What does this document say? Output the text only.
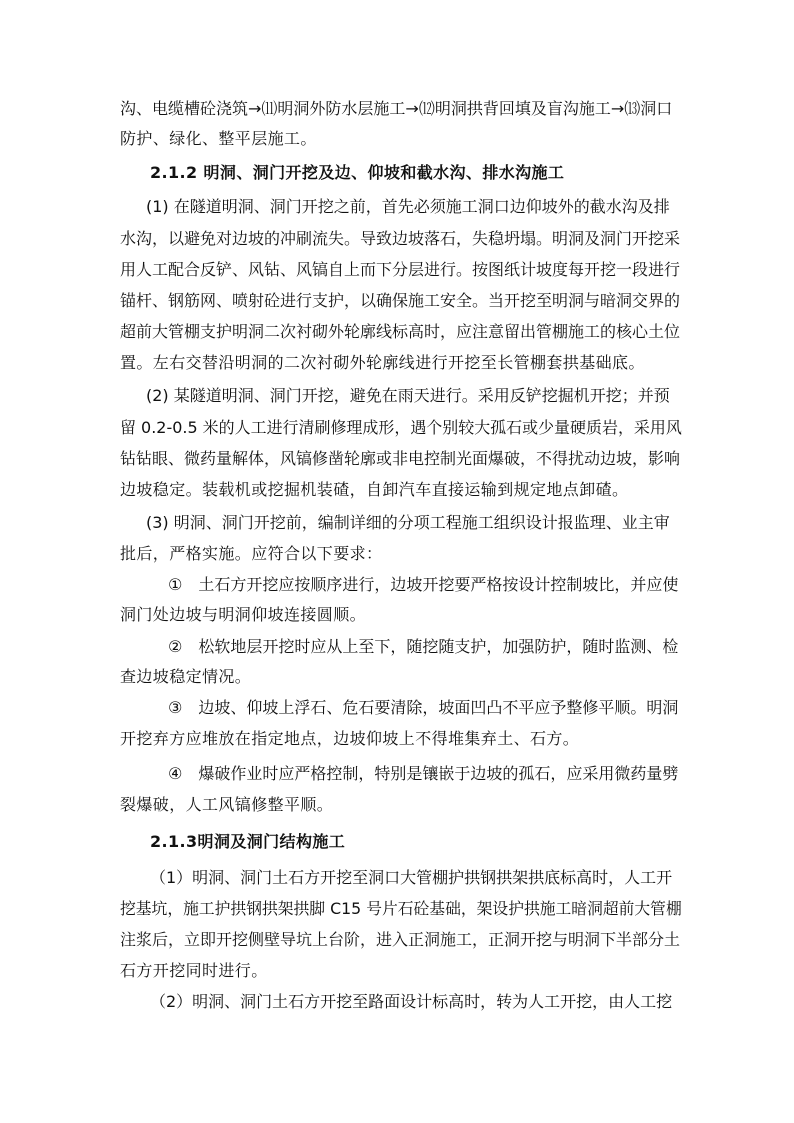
沟、电缆槽砼浇筑→⑾明洞外防水层施工→⑿明洞拱背回填及盲沟施工→⒀洞口
防护、绿化、整平层施工。
2.1.2 明洞、洞门开挖及边、仰坡和截水沟、排水沟施工
(1) 在隧道明洞、洞门开挖之前，首先必须施工洞口边仰坡外的截水沟及排
水沟，以避免对边坡的冲刷流失。导致边坡落石，失稳坍塌。明洞及洞门开挖采
用人工配合反铲、风钻、风镐自上而下分层进行。按图纸计坡度每开挖一段进行
锚杆、钢筋网、喷射砼进行支护，以确保施工安全。当开挖至明洞与暗洞交界的
超前大管棚支护明洞二次衬砌外轮廓线标高时，应注意留出管棚施工的核心土位
置。左右交替沿明洞的二次衬砌外轮廓线进行开挖至长管棚套拱基础底。
(2) 某隧道明洞、洞门开挖，避免在雨天进行。采用反铲挖掘机开挖；并预
留 0.2-0.5 米的人工进行清刷修理成形，遇个别较大孤石或少量硬质岩，采用风
钻钻眼、微药量解体，风镐修凿轮廓或非电控制光面爆破，不得扰动边坡，影响
边坡稳定。装载机或挖掘机装碴，自卸汽车直接运输到规定地点卸碴。
(3) 明洞、洞门开挖前，编制详细的分项工程施工组织设计报监理、业主审
批后，严格实施。应符合以下要求：
①　土石方开挖应按顺序进行，边坡开挖要严格按设计控制坡比，并应使
洞门处边坡与明洞仰坡连接圆顺。
②　松软地层开挖时应从上至下，随挖随支护，加强防护，随时监测、检
查边坡稳定情况。
③　边坡、仰坡上浮石、危石要清除，坡面凹凸不平应予整修平顺。明洞
开挖弃方应堆放在指定地点，边坡仰坡上不得堆集弃土、石方。
④　爆破作业时应严格控制，特别是镶嵌于边坡的孤石，应采用微药量劈
裂爆破，人工风镐修整平顺。
2.1.3明洞及洞门结构施工
（1）明洞、洞门土石方开挖至洞口大管棚护拱钢拱架拱底标高时，人工开
挖基坑，施工护拱钢拱架拱脚 C15 号片石砼基础，架设护拱施工暗洞超前大管棚
注浆后，立即开挖侧壁导坑上台阶，进入正洞施工，正洞开挖与明洞下半部分土
石方开挖同时进行。
（2）明洞、洞门土石方开挖至路面设计标高时，转为人工开挖，由人工挖
